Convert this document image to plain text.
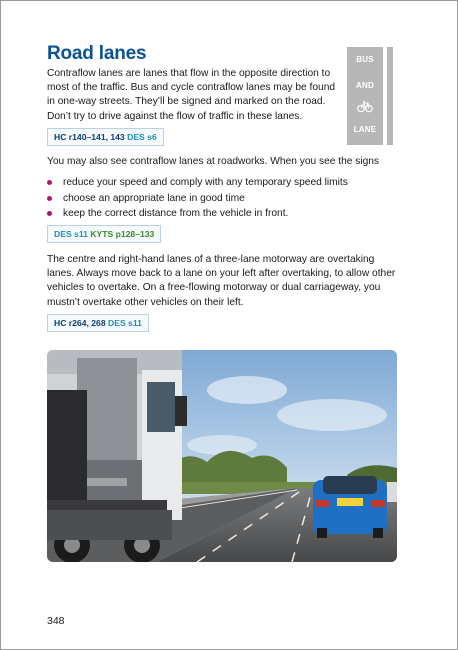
Road lanes

Contraflow lanes are lanes that flow in the opposite direction to most of the traffic. Bus and cycle contraflow lanes may be found in one-way streets. They’ll be signed and marked on the road. Don’t try to drive against the flow of traffic in these lanes.

BUS
AND
LANE
HC r140–141, 143 DES s6

You may also see contraflow lanes at roadworks. When you see the signs

reduce your speed and comply with any temporary speed limits
choose an appropriate lane in good time
keep the correct distance from the vehicle in front.
DES s11 KYTS p128–133

The centre and right-hand lanes of a three-lane motorway are overtaking lanes. Always move back to a lane on your left after overtaking, to allow other vehicles to overtake. On a free-flowing motorway or dual carriageway, you mustn’t overtake other vehicles on their left.

HC r264, 268 DES s11

348
